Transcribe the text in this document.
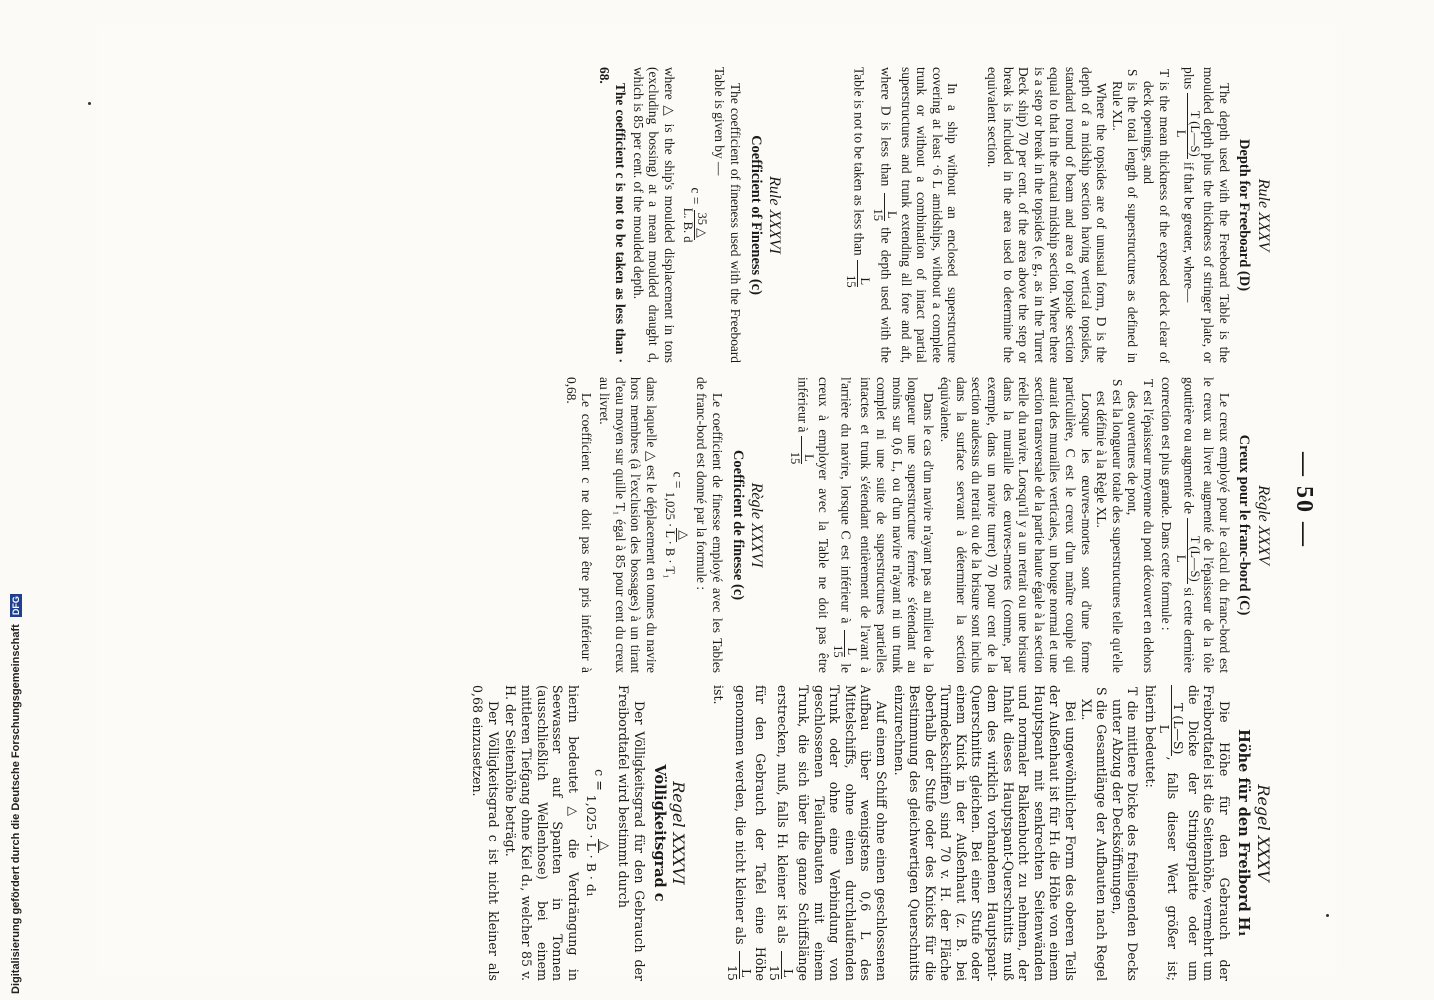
— 50 —
Rule XXXV
Depth for Freeboard (D)

The depth used with the Freeboard Table is the moulded depth plus the thickness of stringer plate, or plus
T (L—S)
L
if that be greater, where—

T is the mean thickness of the exposed deck clear of deck openings, and

S is the total length of superstructures as defined in Rule XL.

Where the topsides are of unusual form, D is the depth of a midship section having vertical topsides, standard round of beam and area of topside section equal to that in the actual midship section. Where there is a step or break in the topsides (e. g., as in the Turret Deck ship) 70 per cent. of the area above the step or break is included in the area used to determine the equivalent section.

In a ship without an enclosed superstructure covering at least ·6 L amidships, without a complete trunk or without a combination of intact partial superstructures and trunk extending all fore and aft, where D is less than
L
15
the depth used with the Table is not to be taken as less than
L
15

Rule XXXVI
Coefficient of Fineness (c)

The coefficient of fineness used with the Freeboard Table is given by —

c =
35 △
L. B. d

where △ is the ship's moulded displacement in tons (excluding bossing) at a mean moulded draught d, which is 85 per cent. of the moulded depth.

The coefficient c is not to be taken as less than · 68.

Règle XXXV
Creux pour le franc-bord (C)

Le creux employé pour le calcul du franc-bord est le creux au livret augmenté de l'épaisseur de la tôle gouttière ou augmenté de
T (L—S)
L
si cette dernière correction est plus grande. Dans cette formule :

T est l'épaisseur moyenne du pont découvert en dehors des ouvertures de pont,

S est la longueur totale des superstructures telle qu'elle est définie à la Règle XL.

Lorsque les œuvres-mortes sont d'une forme particulière, C est le creux d'un maître couple qui aurait des murailles verticales, un bouge normal et une section transversale de la partie haute égale à la section réelle du navire. Lorsqu'il y a un retrait ou une brisure dans la muraille des œuvres-mortes (comme, par exemple, dans un navire turret) 70 pour cent de la section audessus du retrait ou de la brisure sont inclus dans la surface servant à déterminer la section équivalente.

Dans le cas d'un navire n'ayant pas au milieu de la longueur une superstructure fermée s'étendant au moins sur 0,6 L, ou d'un navire n'ayant ni un trunk complet ni une suite de superstructures partielles intactes et trunk s'étendant entièrement de l'avant à l'arrière du navire, lorsque C est inférieur à
L
15
le creux à employer avec la Table ne doit pas être inférieur à
L
15

Règle XXXVI
Coefficient de finesse (c)

Le coefficient de finesse employé avec les Tables de franc-bord est donné par la formule :

c =
△
1,025 · L · B · T₁

dans laquelle △ est le déplacement en tonnes du navire hors membres (à l'exclusion des bossages) à un tirant d'eau moyen sur quille T₁ égal à 85 pour cent du creux au livret.

Le coefficient c ne doit pas être pris inférieur à 0,68.

Regel XXXV
Höhe für den Freibord H₁

Die Höhe für den Gebrauch der Freibordtafel ist die Seitenhöhe, vermehrt um die Dicke der Stringerplatte oder um
T (L—S)
L
, falls dieser Wert größer ist; hierin bedeutet:

T die mittlere Dicke des freiliegenden Decks unter Abzug der Decksöffnungen,

S die Gesamtlänge der Aufbauten nach Regel XL.

Bei ungewöhnlicher Form des oberen Teils der Außenhaut ist für H₁ die Höhe von einem Hauptspant mit senkrechten Seitenwänden und normaler Balkenbucht zu nehmen, der Inhalt dieses Hauptspant-Querschnitts muß dem des wirklich vorhandenen Hauptspant-Querschnitts gleichen. Bei einer Stufe oder einem Knick in der Außenhaut (z. B. bei Turmdeckschiffen) sind 70 v. H. der Fläche oberhalb der Stufe oder des Knicks für die Bestimmung des gleichwertigen Querschnitts einzurechnen.

Auf einem Schiff ohne einen geschlossenen Aufbau über wenigstens 0,6 L des Mittelschiffs, ohne einen durchlaufenden Trunk oder ohne eine Verbindung von geschlossenen Teilaufbauten mit einem Trunk, die sich über die ganze Schiffslänge erstrecken, muß, falls H₁ kleiner ist als
L
15
für den Gebrauch der Tafel eine Höhe genommen werden, die nicht kleiner als
L
15
ist.

Regel XXXVI
Völligkeitsgrad c

Der Völligkeitsgrad für den Gebrauch der Freibordtafel wird bestimmt durch

c =
△
1,025 · L · B · d₁

hierin bedeutet △ die Verdrängung in Seewasser auf Spanten in Tonnen (ausschließlich Wellenhose) bei einem mittleren Tiefgang ohne Kiel d₁, welcher 85 v. H. der Seitenhöhe beträgt.

Der Völligkeitsgrad c ist nicht kleiner als 0,68 einzusetzen.

Digitalisierung gefördert durch die Deutsche Forschungsgemeinschaft DFG
